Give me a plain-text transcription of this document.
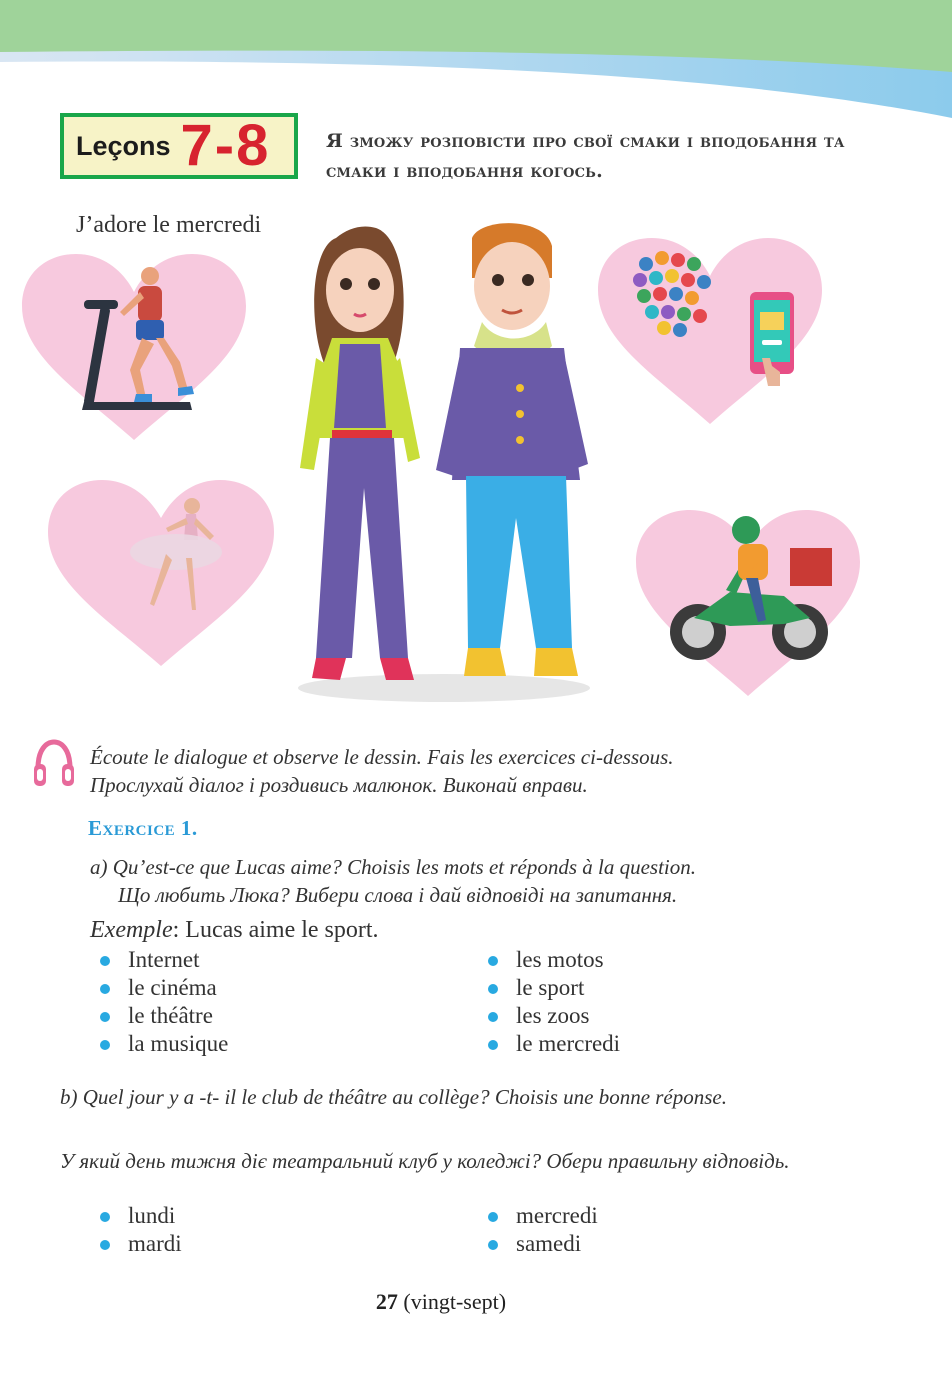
Leçons 7-8	Я зможу розповісти про свої смаки і вподобання та смаки і вподобання когось.
J’adore le mercredi
Écoute le dialogue et observe le dessin. Fais les exercices ci-dessous.
Прослухай діалог і роздивись малюнок. Виконай вправи.
Exercice 1.
a) Qu’est-ce que Lucas aime? Choisis les mots et réponds à la question.
Що любить Люка? Вибери слова і дай відповіді на запитання.
Exemple: Lucas aime le sport.
Internet
le cinéma
le théâtre
la musique
les motos
le sport
les zoos
le mercredi
b) Quel jour y a -t- il le club de théâtre au collège? Choisis une bonne réponse.
У який день тижня діє театральний клуб у коледжі? Обери правильну відповідь.
lundi
mardi
mercredi
samedi
27 (vingt-sept)
